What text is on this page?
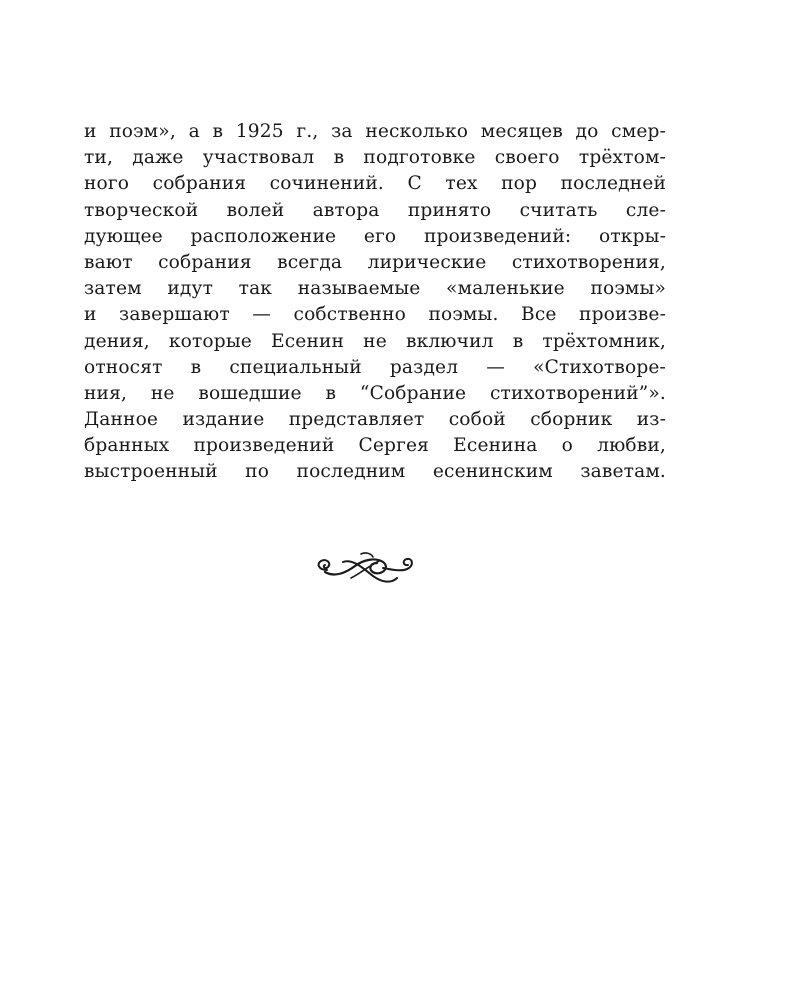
и поэм», а в 1925 г., за несколько месяцев до смер-
ти, даже участвовал в подготовке своего трёхтом-
ного собрания сочинений. С тех пор последней
творческой волей автора принято считать сле-
дующее расположение его произведений: откры-
вают собрания всегда лирические стихотворения,
затем идут так называемые «маленькие поэмы»
и завершают — собственно поэмы. Все произве-
дения, которые Есенин не включил в трёхтомник,
относят в специальный раздел — «Стихотворе-
ния, не вошедшие в “Собрание стихотворений”».
Данное издание представляет собой сборник из-
бранных произведений Сергея Есенина о любви,
выстроенный по последним есенинским заветам.
